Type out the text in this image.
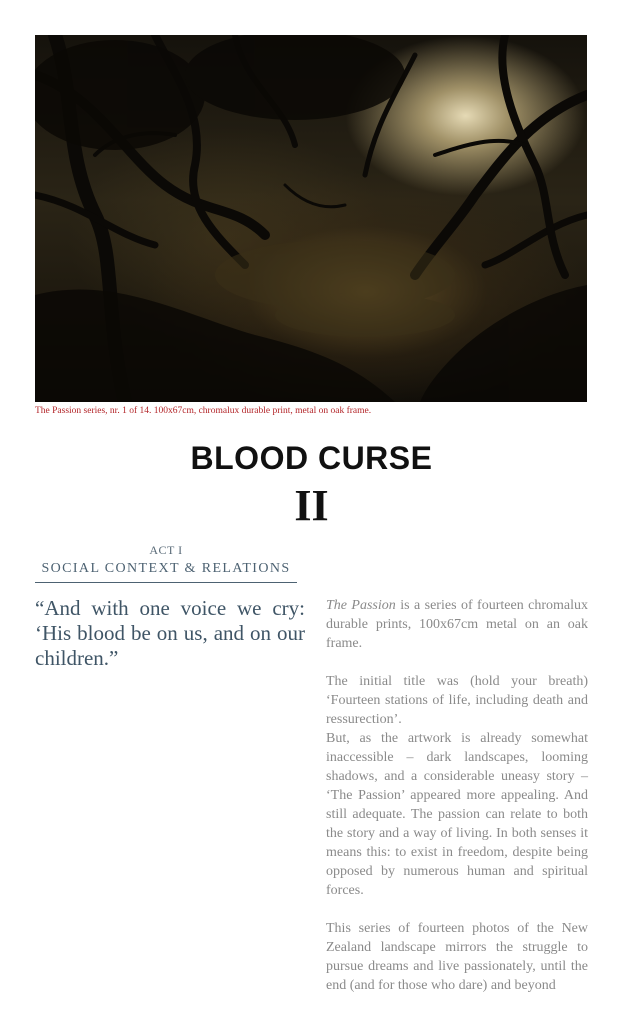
The Passion series, nr. 1 of 14. 100x67cm, chromalux durable print, metal on oak frame.
BLOOD CURSE
II
ACT I
SOCIAL CONTEXT & RELATIONS
“And with one voice we cry: ‘His blood be on us, and on our children.”

The Passion is a series of fourteen chromalux durable prints, 100x67cm metal on an oak frame.

The initial title was (hold your breath) ‘Fourteen stations of life, including death and ressurection’.

But, as the artwork is already somewhat inaccessible – dark landscapes, looming shadows, and a considerable uneasy story – ‘The Passion’ appeared more appealing. And still adequate. The passion can relate to both the story and a way of living. In both senses it means this: to exist in freedom, despite being opposed by numerous human and spiritual forces.

This series of fourteen photos of the New Zealand landscape mirrors the struggle to pursue dreams and live passionately, until the end (and for those who dare) and beyond
